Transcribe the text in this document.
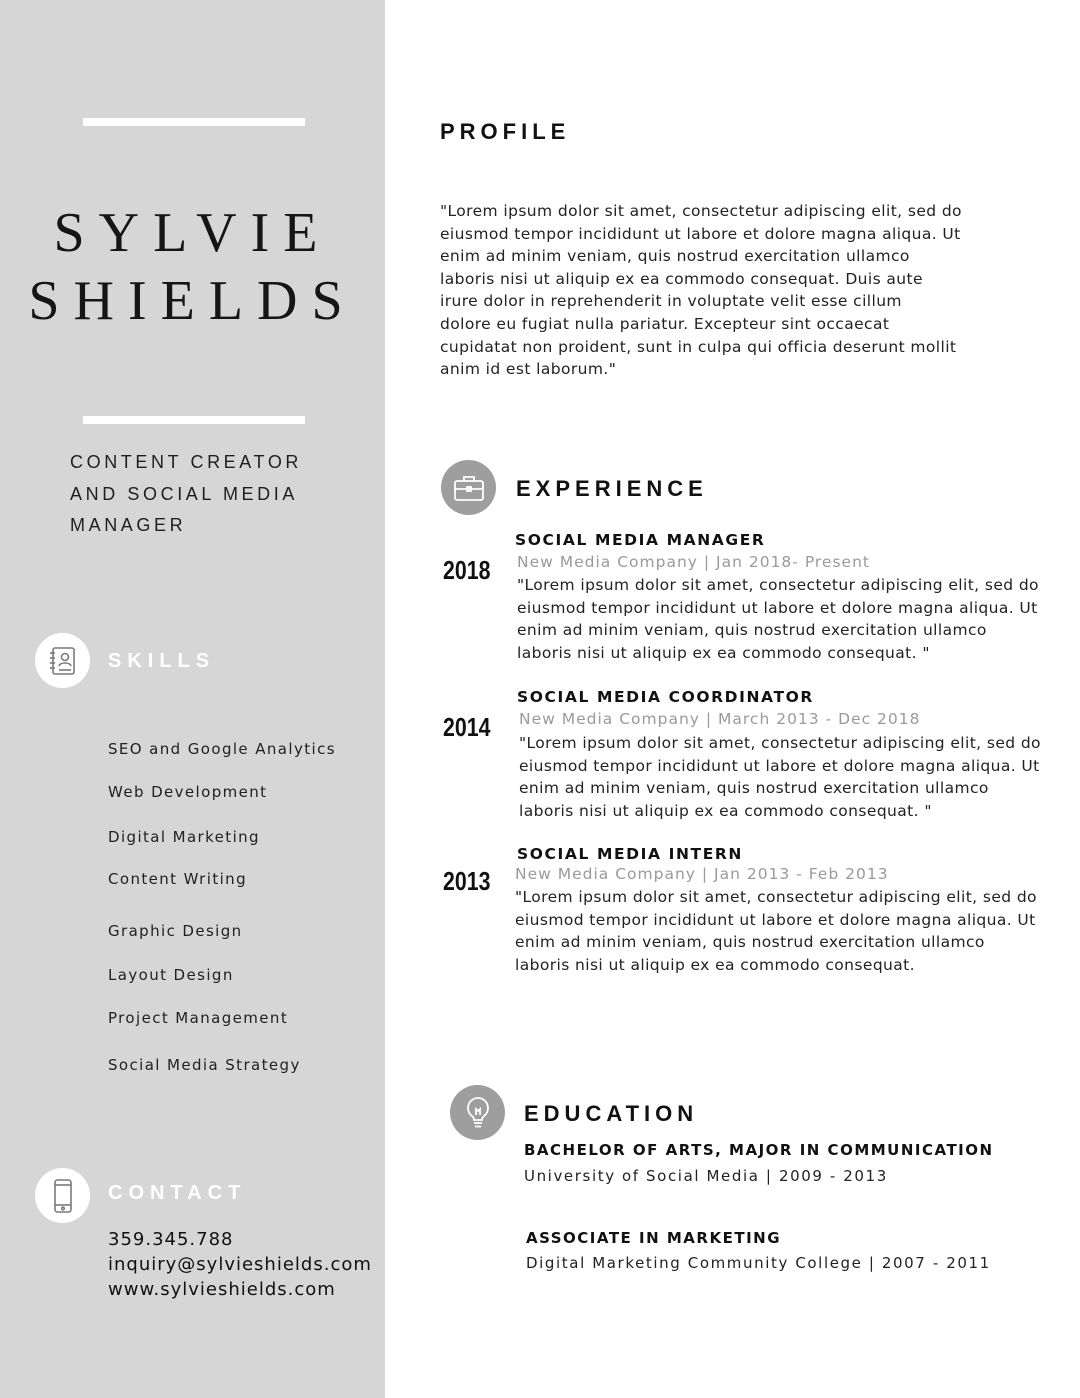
SYLVIE
SHIELDS
CONTENT CREATOR
AND SOCIAL MEDIA
MANAGER
SKILLS
SEO and Google Analytics
Web Development
Digital Marketing
Content Writing
Graphic Design
Layout Design
Project Management
Social Media Strategy
CONTACT
359.345.788
inquiry@sylvieshields.com
www.sylvieshields.com
PROFILE
"Lorem ipsum dolor sit amet, consectetur adipiscing elit, sed do
eiusmod tempor incididunt ut labore et dolore magna aliqua. Ut
enim ad minim veniam, quis nostrud exercitation ullamco
laboris nisi ut aliquip ex ea commodo consequat. Duis aute
irure dolor in reprehenderit in voluptate velit esse cillum
dolore eu fugiat nulla pariatur. Excepteur sint occaecat
cupidatat non proident, sunt in culpa qui officia deserunt mollit
anim id est laborum."
EXPERIENCE
2018
SOCIAL MEDIA MANAGER
New Media Company | Jan 2018- Present
"Lorem ipsum dolor sit amet, consectetur adipiscing elit, sed do
eiusmod tempor incididunt ut labore et dolore magna aliqua. Ut
enim ad minim veniam, quis nostrud exercitation ullamco
laboris nisi ut aliquip ex ea commodo consequat. "
2014
SOCIAL MEDIA COORDINATOR
New Media Company | March 2013 - Dec 2018
"Lorem ipsum dolor sit amet, consectetur adipiscing elit, sed do
eiusmod tempor incididunt ut labore et dolore magna aliqua. Ut
enim ad minim veniam, quis nostrud exercitation ullamco
laboris nisi ut aliquip ex ea commodo consequat. "
2013
SOCIAL MEDIA INTERN
New Media Company | Jan 2013 - Feb 2013
"Lorem ipsum dolor sit amet, consectetur adipiscing elit, sed do
eiusmod tempor incididunt ut labore et dolore magna aliqua. Ut
enim ad minim veniam, quis nostrud exercitation ullamco
laboris nisi ut aliquip ex ea commodo consequat.
EDUCATION
BACHELOR OF ARTS, MAJOR IN COMMUNICATION
University of Social Media | 2009 - 2013
ASSOCIATE IN MARKETING
Digital Marketing Community College | 2007 - 2011
